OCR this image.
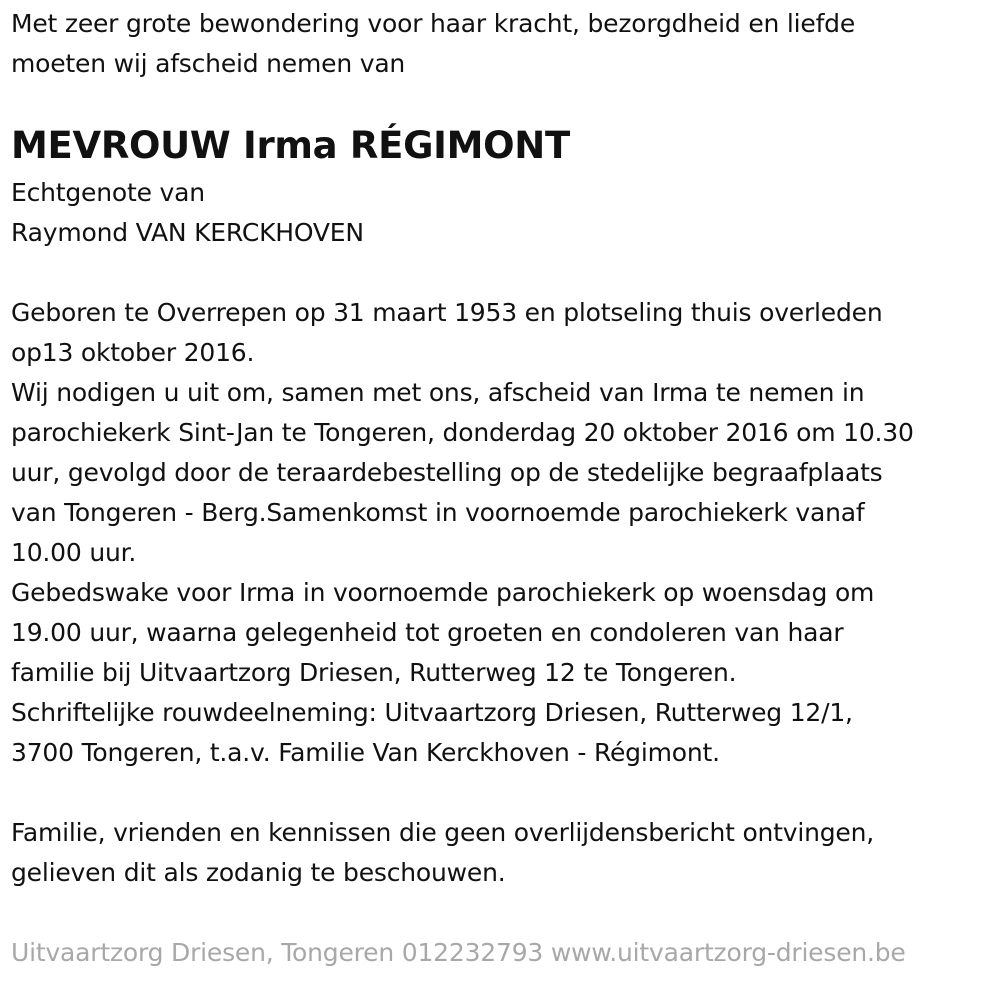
Met zeer grote bewondering voor haar kracht, bezorgdheid en liefde
moeten wij afscheid nemen van
MEVROUW Irma RÉGIMONT
Echtgenote van
Raymond VAN KERCKHOVEN
Geboren te Overrepen op 31 maart 1953 en plotseling thuis overleden
op13 oktober 2016.
Wij nodigen u uit om, samen met ons, afscheid van Irma te nemen in
parochiekerk Sint-Jan te Tongeren, donderdag 20 oktober 2016 om 10.30
uur, gevolgd door de teraardebestelling op de stedelijke begraafplaats
van Tongeren - Berg.Samenkomst in voornoemde parochiekerk vanaf
10.00 uur.
Gebedswake voor Irma in voornoemde parochiekerk op woensdag om
19.00 uur, waarna gelegenheid tot groeten en condoleren van haar
familie bij Uitvaartzorg Driesen, Rutterweg 12 te Tongeren.
Schriftelijke rouwdeelneming: Uitvaartzorg Driesen, Rutterweg 12/1,
3700 Tongeren, t.a.v. Familie Van Kerckhoven - Régimont.
Familie, vrienden en kennissen die geen overlijdensbericht ontvingen,
gelieven dit als zodanig te beschouwen.
Uitvaartzorg Driesen, Tongeren 012232793 www.uitvaartzorg-driesen.be
